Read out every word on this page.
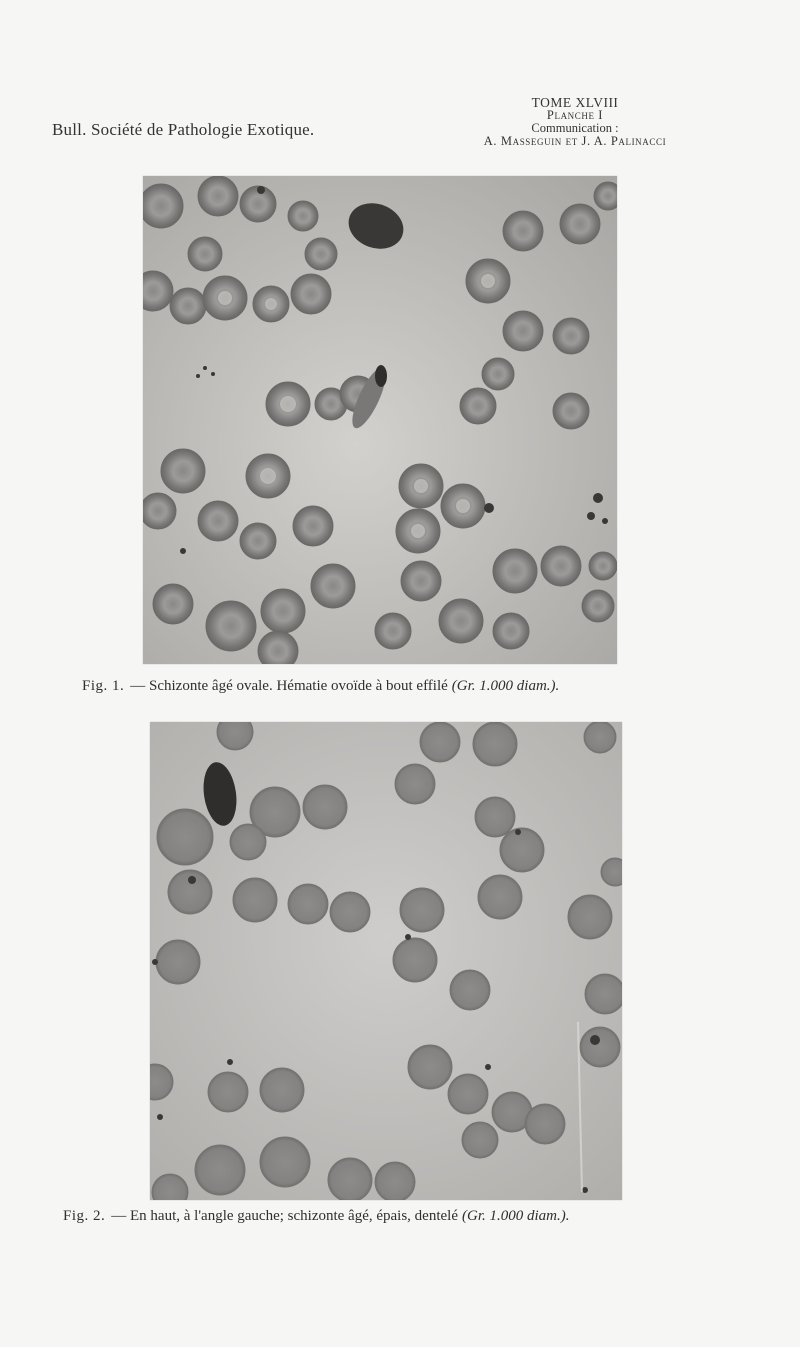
Bull. Société de Pathologie Exotique.
TOME XLVIII
Planche I
Communication :
A. Masseguin et J. A. Palinacci
Fig. 1. — Schizonte âgé ovale. Hématie ovoïde à bout effilé (Gr. 1.000 diam.).
Fig. 2. — En haut, à l'angle gauche; schizonte âgé, épais, dentelé (Gr. 1.000 diam.).
